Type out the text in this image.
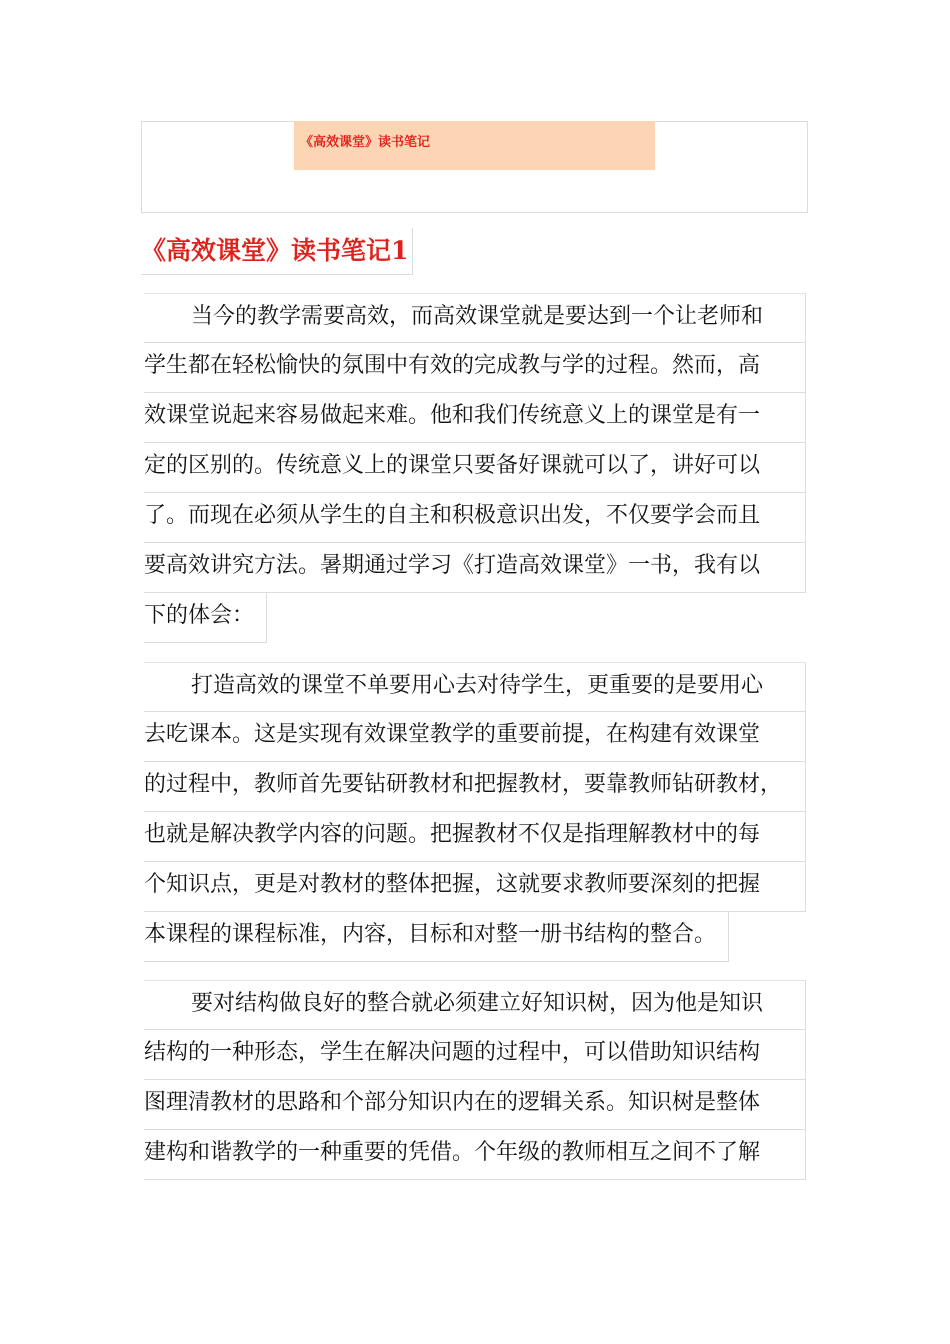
《高效课堂》读书笔记
《高效课堂》读书笔记1
当今的教学需要高效，而高效课堂就是要达到一个让老师和
学生都在轻松愉快的氛围中有效的完成教与学的过程。然而，高
效课堂说起来容易做起来难。他和我们传统意义上的课堂是有一
定的区别的。传统意义上的课堂只要备好课就可以了，讲好可以
了。而现在必须从学生的自主和积极意识出发，不仅要学会而且
要高效讲究方法。暑期通过学习《打造高效课堂》一书，我有以
下的体会：
打造高效的课堂不单要用心去对待学生，更重要的是要用心
去吃课本。这是实现有效课堂教学的重要前提，在构建有效课堂
的过程中，教师首先要钻研教材和把握教材，要靠教师钻研教材，
也就是解决教学内容的问题。把握教材不仅是指理解教材中的每
个知识点，更是对教材的整体把握，这就要求教师要深刻的把握
本课程的课程标准，内容，目标和对整一册书结构的整合。
要对结构做良好的整合就必须建立好知识树，因为他是知识
结构的一种形态，学生在解决问题的过程中，可以借助知识结构
图理清教材的思路和个部分知识内在的逻辑关系。知识树是整体
建构和谐教学的一种重要的凭借。个年级的教师相互之间不了解
